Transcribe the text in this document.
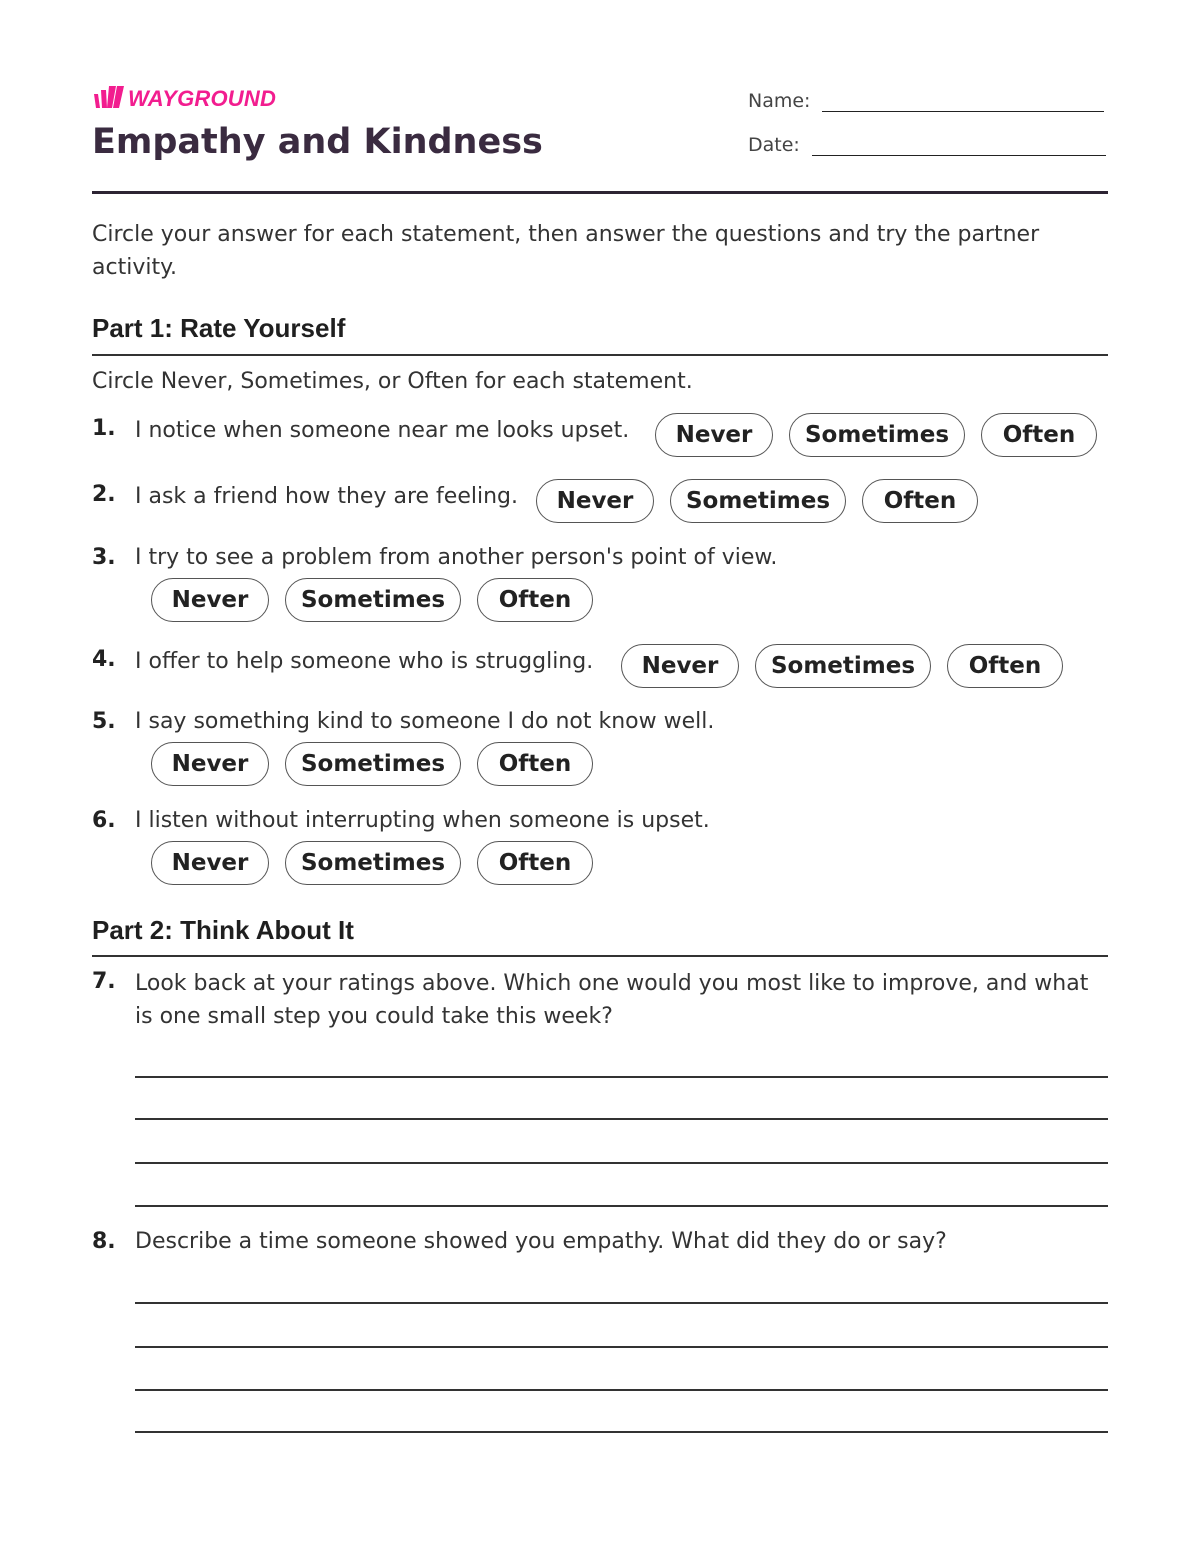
WAYGROUND
Empathy and Kindness
Name:
Date:
Circle your answer for each statement, then answer the questions and try the partner activity.
Part 1: Rate Yourself
Circle Never, Sometimes, or Often for each statement.
1. I notice when someone near me looks upset.	Never	Sometimes	Often
2. I ask a friend how they are feeling.	Never	Sometimes	Often
3. I try to see a problem from another person's point of view.
Never	Sometimes	Often
4. I offer to help someone who is struggling.	Never	Sometimes	Often
5. I say something kind to someone I do not know well.
Never	Sometimes	Often
6. I listen without interrupting when someone is upset.
Never	Sometimes	Often
Part 2: Think About It
7. Look back at your ratings above. Which one would you most like to improve, and what is one small step you could take this week?
8. Describe a time someone showed you empathy. What did they do or say?
